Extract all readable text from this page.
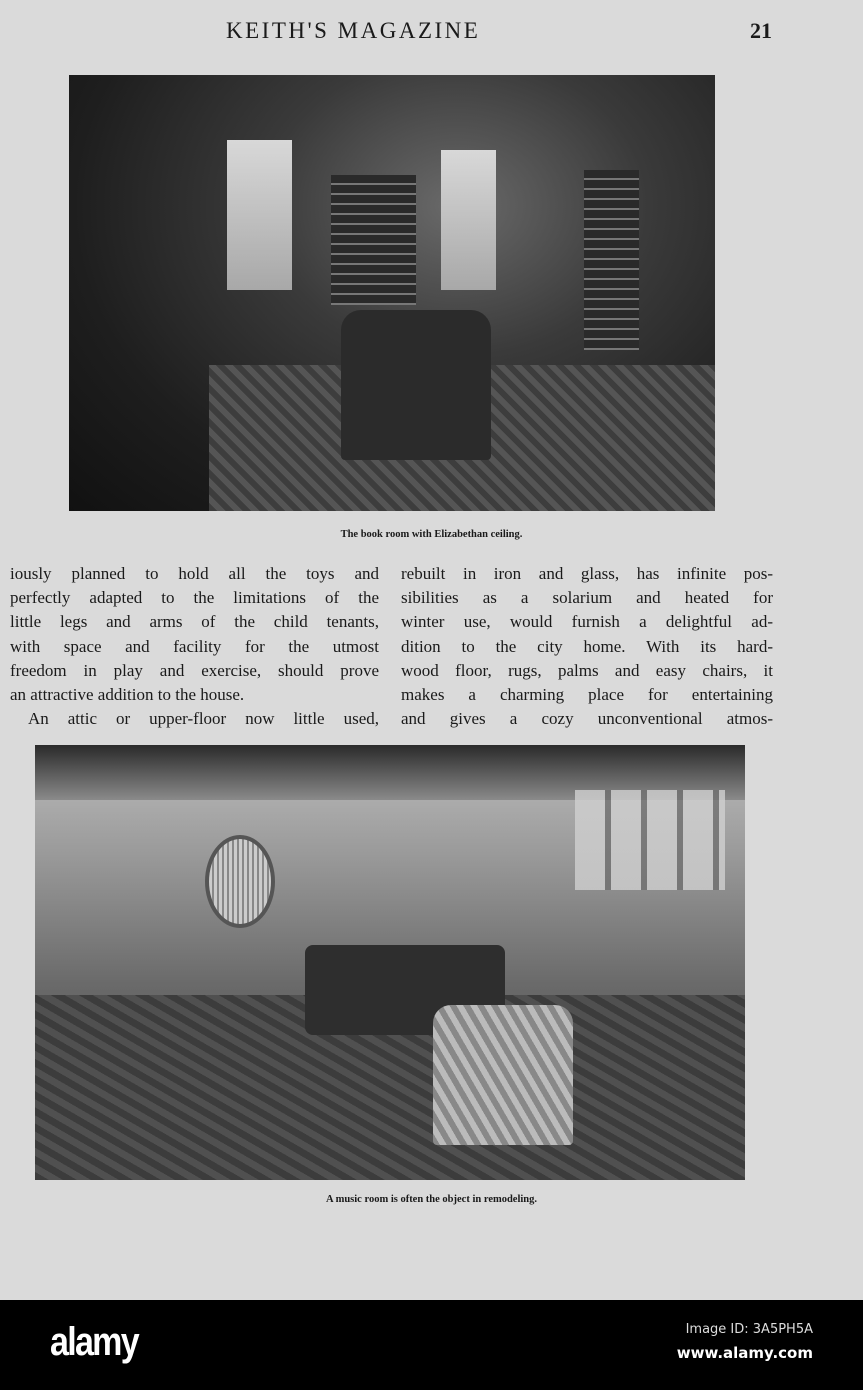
KEITH'S MAGAZINE	21
The book room with Elizabethan ceiling.
iously planned to hold all the toys and
perfectly adapted to the limitations of the
little legs and arms of the child tenants,
with space and facility for the utmost
freedom in play and exercise, should prove
an attractive addition to the house.
An attic or upper-floor now little used,
rebuilt in iron and glass, has infinite pos-
sibilities as a solarium and heated for
winter use, would furnish a delightful ad-
dition to the city home. With its hard-
wood floor, rugs, palms and easy chairs, it
makes a charming place for entertaining
and gives a cozy unconventional atmos-
A music room is often the object in remodeling.
alamy	Image ID: 3A5PH5A
www.alamy.com
